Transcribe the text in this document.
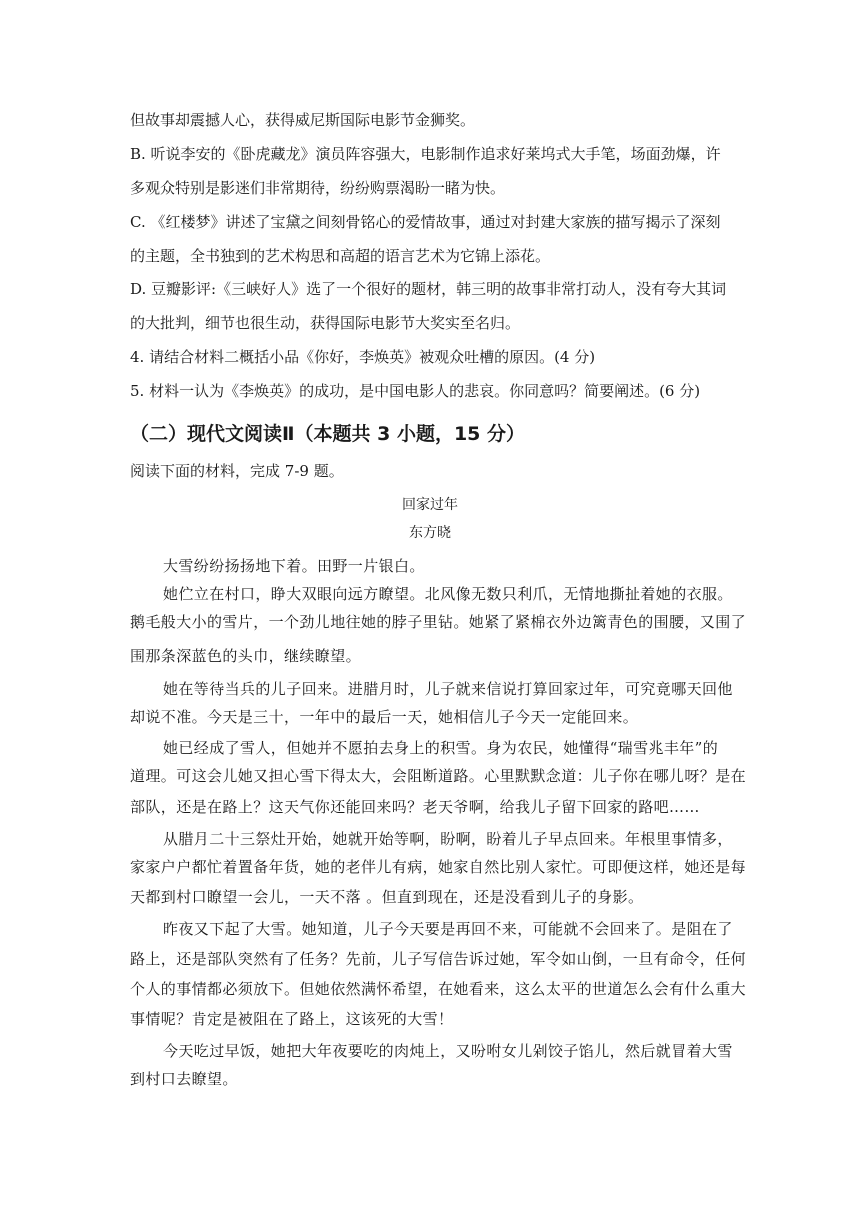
但故事却震撼人心，获得威尼斯国际电影节金狮奖。
B. 听说李安的《卧虎藏龙》演员阵容强大，电影制作追求好莱坞式大手笔，场面劲爆，许
多观众特别是影迷们非常期待，纷纷购票渴盼一睹为快。
C. 《红楼梦》讲述了宝黛之间刻骨铭心的爱情故事，通过对封建大家族的描写揭示了深刻
的主题，全书独到的艺术构思和高超的语言艺术为它锦上添花。
D. 豆瓣影评:《三峡好人》选了一个很好的题材，韩三明的故事非常打动人，没有夸大其词
的大批判，细节也很生动，获得国际电影节大奖实至名归。
4. 请结合材料二概括小品《你好，李焕英》被观众吐槽的原因。(4 分)
5. 材料一认为《李焕英》的成功，是中国电影人的悲哀。你同意吗？简要阐述。(6 分)
（二）现代文阅读Ⅱ（本题共 3 小题，15 分）
阅读下面的材料，完成 7-9 题。
回家过年
东方晓
大雪纷纷扬扬地下着。田野一片银白。
她伫立在村口，睁大双眼向远方瞭望。北风像无数只利爪，无情地撕扯着她的衣服。
鹅毛般大小的雪片，一个劲儿地往她的脖子里钻。她紧了紧棉衣外边篱青色的围腰，又围了
围那条深蓝色的头巾，继续瞭望。
她在等待当兵的儿子回来。进腊月时，儿子就来信说打算回家过年，可究竟哪天回他
却说不准。今天是三十，一年中的最后一天，她相信儿子今天一定能回来。
她已经成了雪人，但她并不愿拍去身上的积雪。身为农民，她懂得“瑞雪兆丰年”的
道理。可这会儿她又担心雪下得太大，会阻断道路。心里默默念道：儿子你在哪儿呀？是在
部队，还是在路上？这天气你还能回来吗？老天爷啊，给我儿子留下回家的路吧……
从腊月二十三祭灶开始，她就开始等啊，盼啊，盼着儿子早点回来。年根里事情多，
家家户户都忙着置备年货，她的老伴儿有病，她家自然比别人家忙。可即便这样，她还是每
天都到村口瞭望一会儿，一天不落 。但直到现在，还是没看到儿子的身影。
昨夜又下起了大雪。她知道，儿子今天要是再回不来，可能就不会回来了。是阻在了
路上，还是部队突然有了任务？先前，儿子写信告诉过她，军令如山倒，一旦有命令，任何
个人的事情都必须放下。但她依然满怀希望，在她看来，这么太平的世道怎么会有什么重大
事情呢？肯定是被阻在了路上，这该死的大雪！
今天吃过早饭，她把大年夜要吃的肉炖上，又吩咐女儿剁饺子馅儿，然后就冒着大雪
到村口去瞭望。
